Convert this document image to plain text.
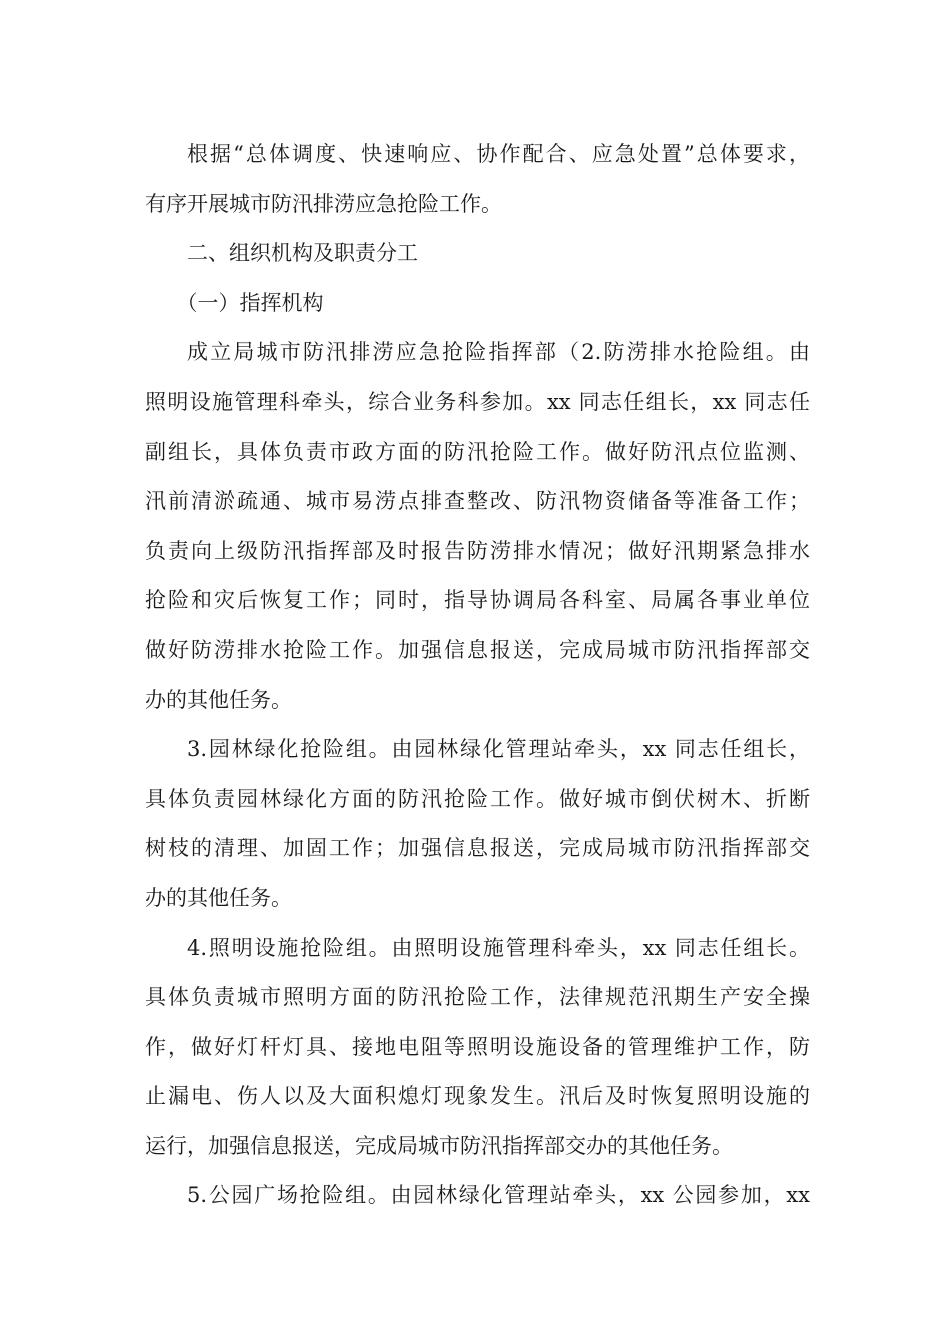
根据“总体调度、快速响应、协作配合、应急处置”总体要求，
有序开展城市防汛排涝应急抢险工作。
二、组织机构及职责分工
（一）指挥机构
成立局城市防汛排涝应急抢险指挥部（2.防涝排水抢险组。由
照明设施管理科牵头，综合业务科参加。xx 同志任组长，xx 同志任
副组长，具体负责市政方面的防汛抢险工作。做好防汛点位监测、
汛前清淤疏通、城市易涝点排查整改、防汛物资储备等准备工作；
负责向上级防汛指挥部及时报告防涝排水情况；做好汛期紧急排水
抢险和灾后恢复工作；同时，指导协调局各科室、局属各事业单位
做好防涝排水抢险工作。加强信息报送，完成局城市防汛指挥部交
办的其他任务。
3.园林绿化抢险组。由园林绿化管理站牵头，xx 同志任组长，
具体负责园林绿化方面的防汛抢险工作。做好城市倒伏树木、折断
树枝的清理、加固工作；加强信息报送，完成局城市防汛指挥部交
办的其他任务。
4.照明设施抢险组。由照明设施管理科牵头，xx 同志任组长。
具体负责城市照明方面的防汛抢险工作，法律规范汛期生产安全操
作，做好灯杆灯具、接地电阻等照明设施设备的管理维护工作，防
止漏电、伤人以及大面积熄灯现象发生。汛后及时恢复照明设施的
运行，加强信息报送，完成局城市防汛指挥部交办的其他任务。
5.公园广场抢险组。由园林绿化管理站牵头，xx 公园参加，xx
